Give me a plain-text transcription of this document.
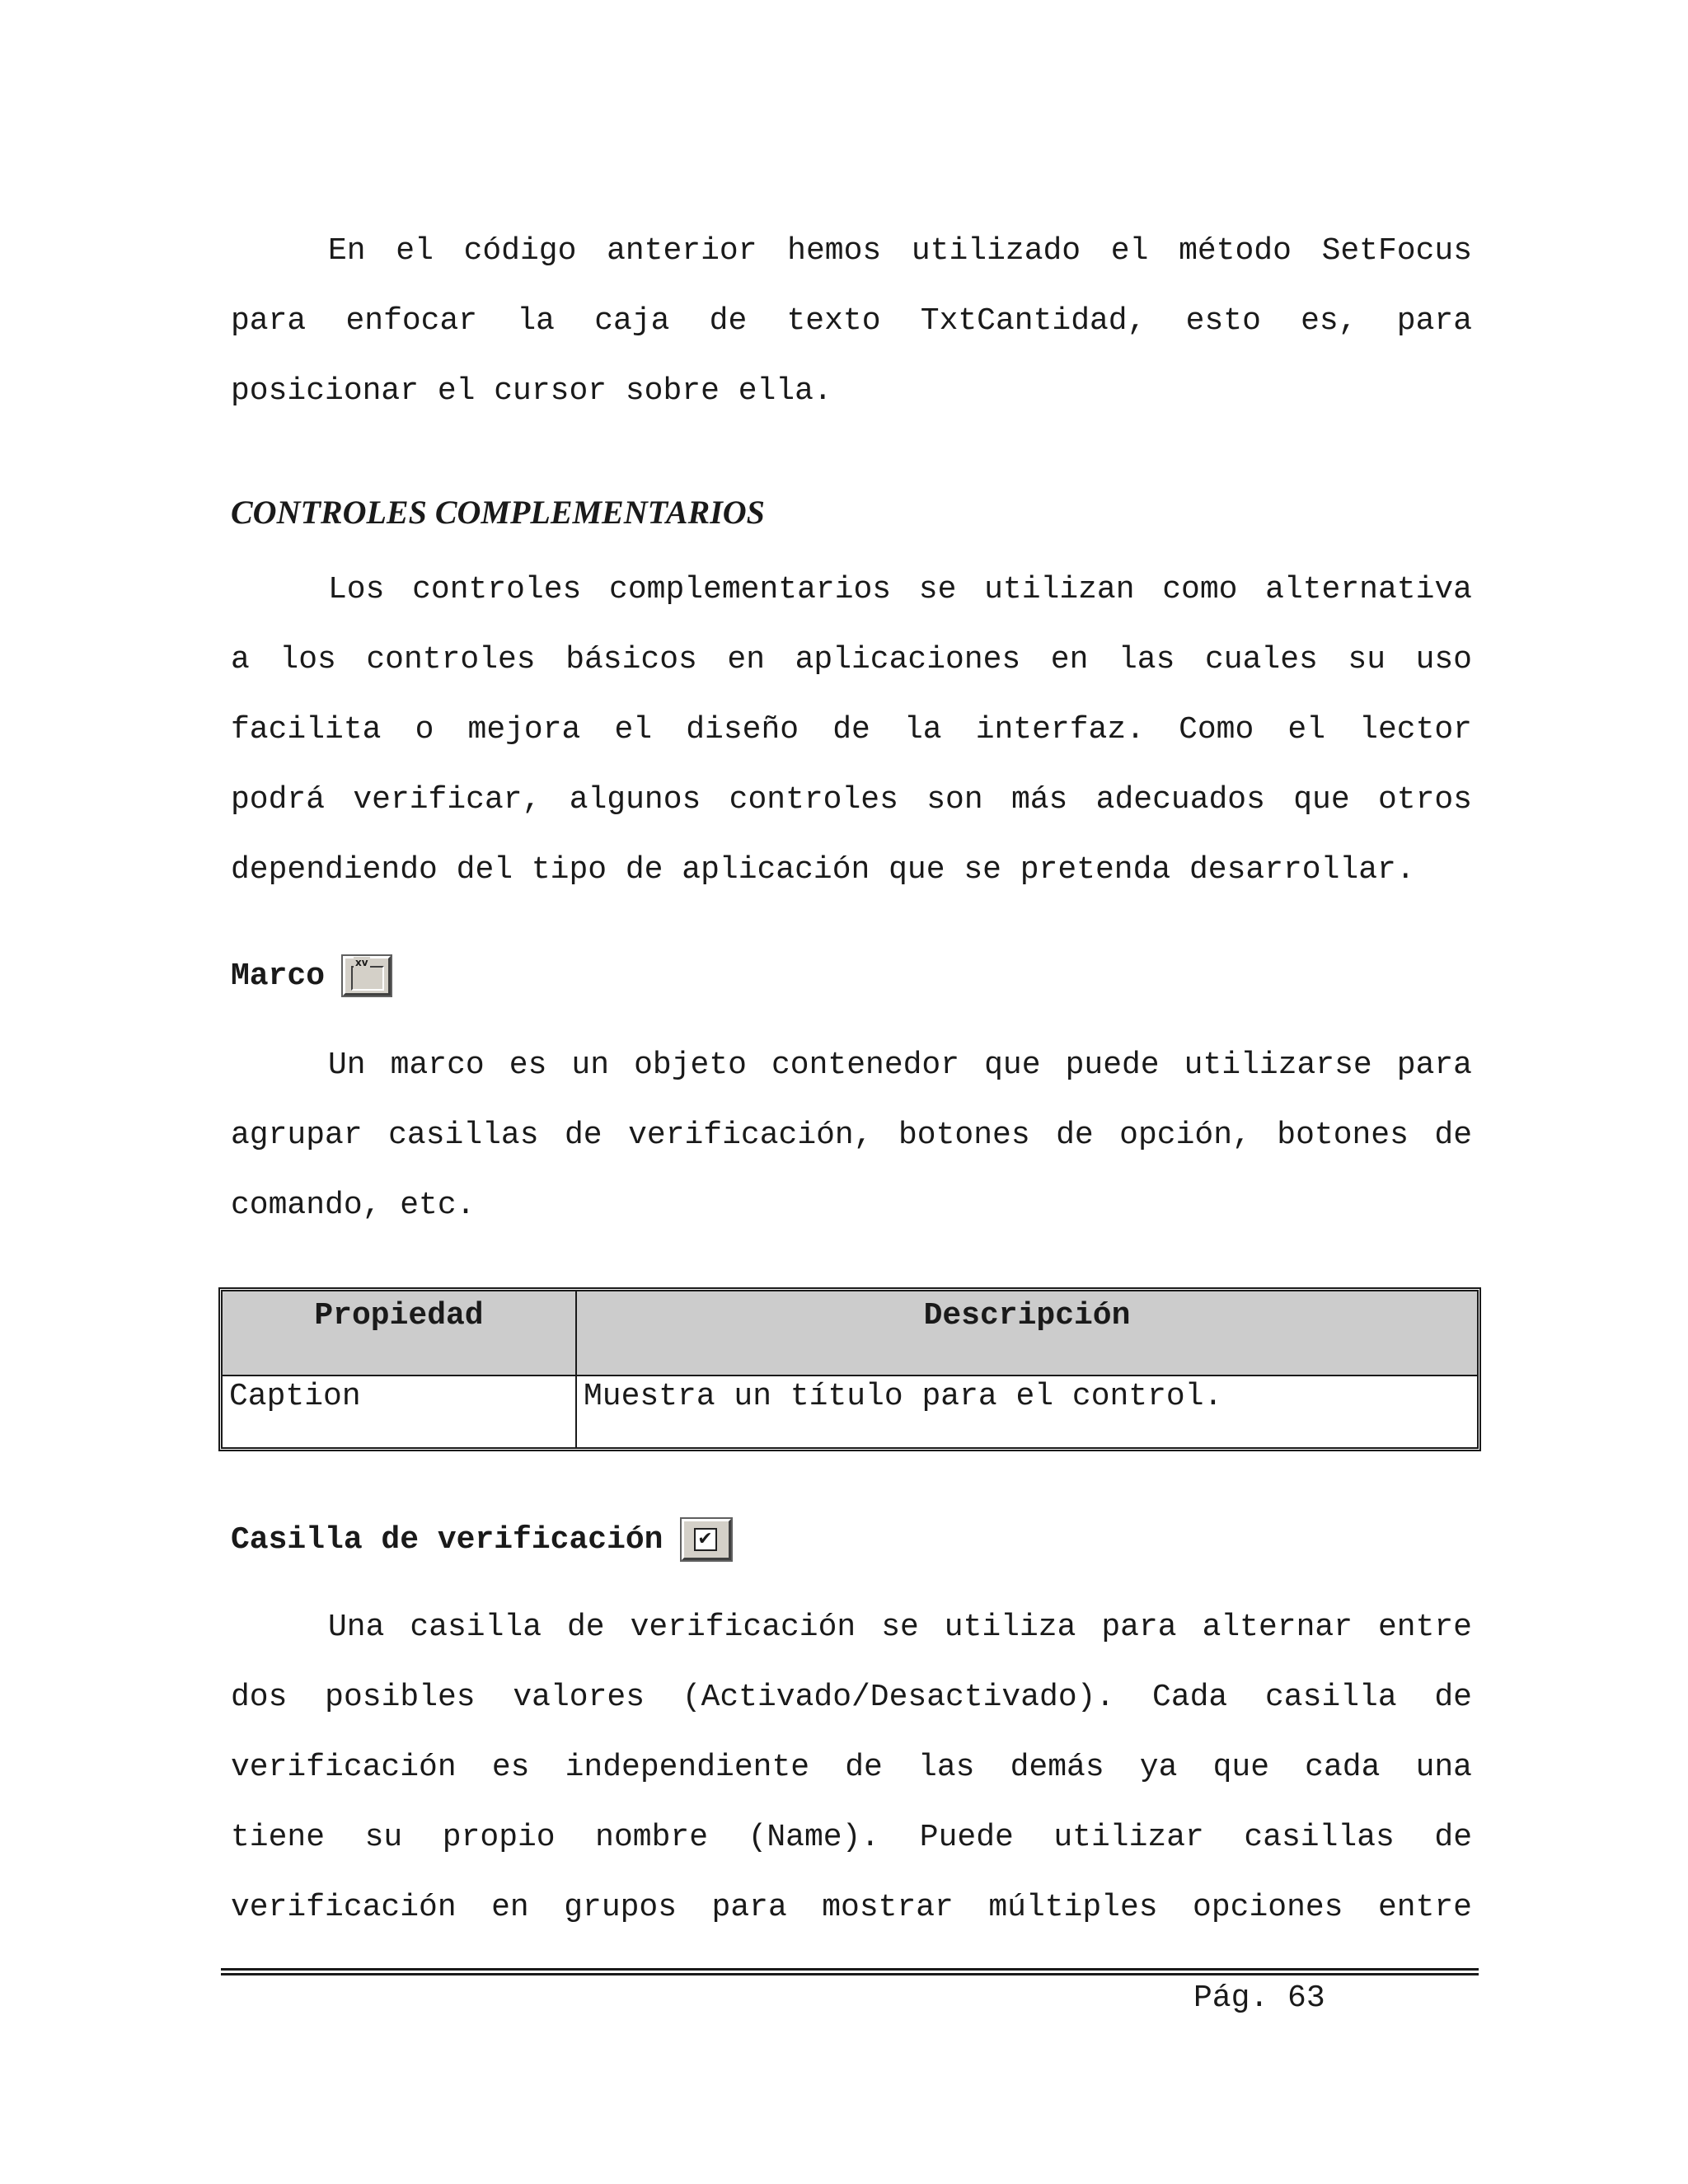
En el código anterior hemos utilizado el método SetFocus
para enfocar la caja de texto TxtCantidad, esto es, para
posicionar el cursor sobre ella.

CONTROLES COMPLEMENTARIOS

Los controles complementarios se utilizan como alternativa
a los controles básicos en aplicaciones en las cuales su uso
facilita o mejora el diseño de la interfaz. Como el lector
podrá verificar, algunos controles son más adecuados que otros
dependiendo del tipo de aplicación que se pretenda desarrollar.

Marco	xv

Un marco es un objeto contenedor que puede utilizarse para
agrupar casillas de verificación, botones de opción, botones de
comando, etc.

Propiedad	Descripción
Caption	Muestra un título para el control.
Casilla de verificación ✔

Una casilla de verificación se utiliza para alternar entre
dos posibles valores (Activado/Desactivado). Cada casilla de
verificación es independiente de las demás ya que cada una
tiene su propio nombre (Name). Puede utilizar casillas de
verificación en grupos para mostrar múltiples opciones entre

Pág. 63
